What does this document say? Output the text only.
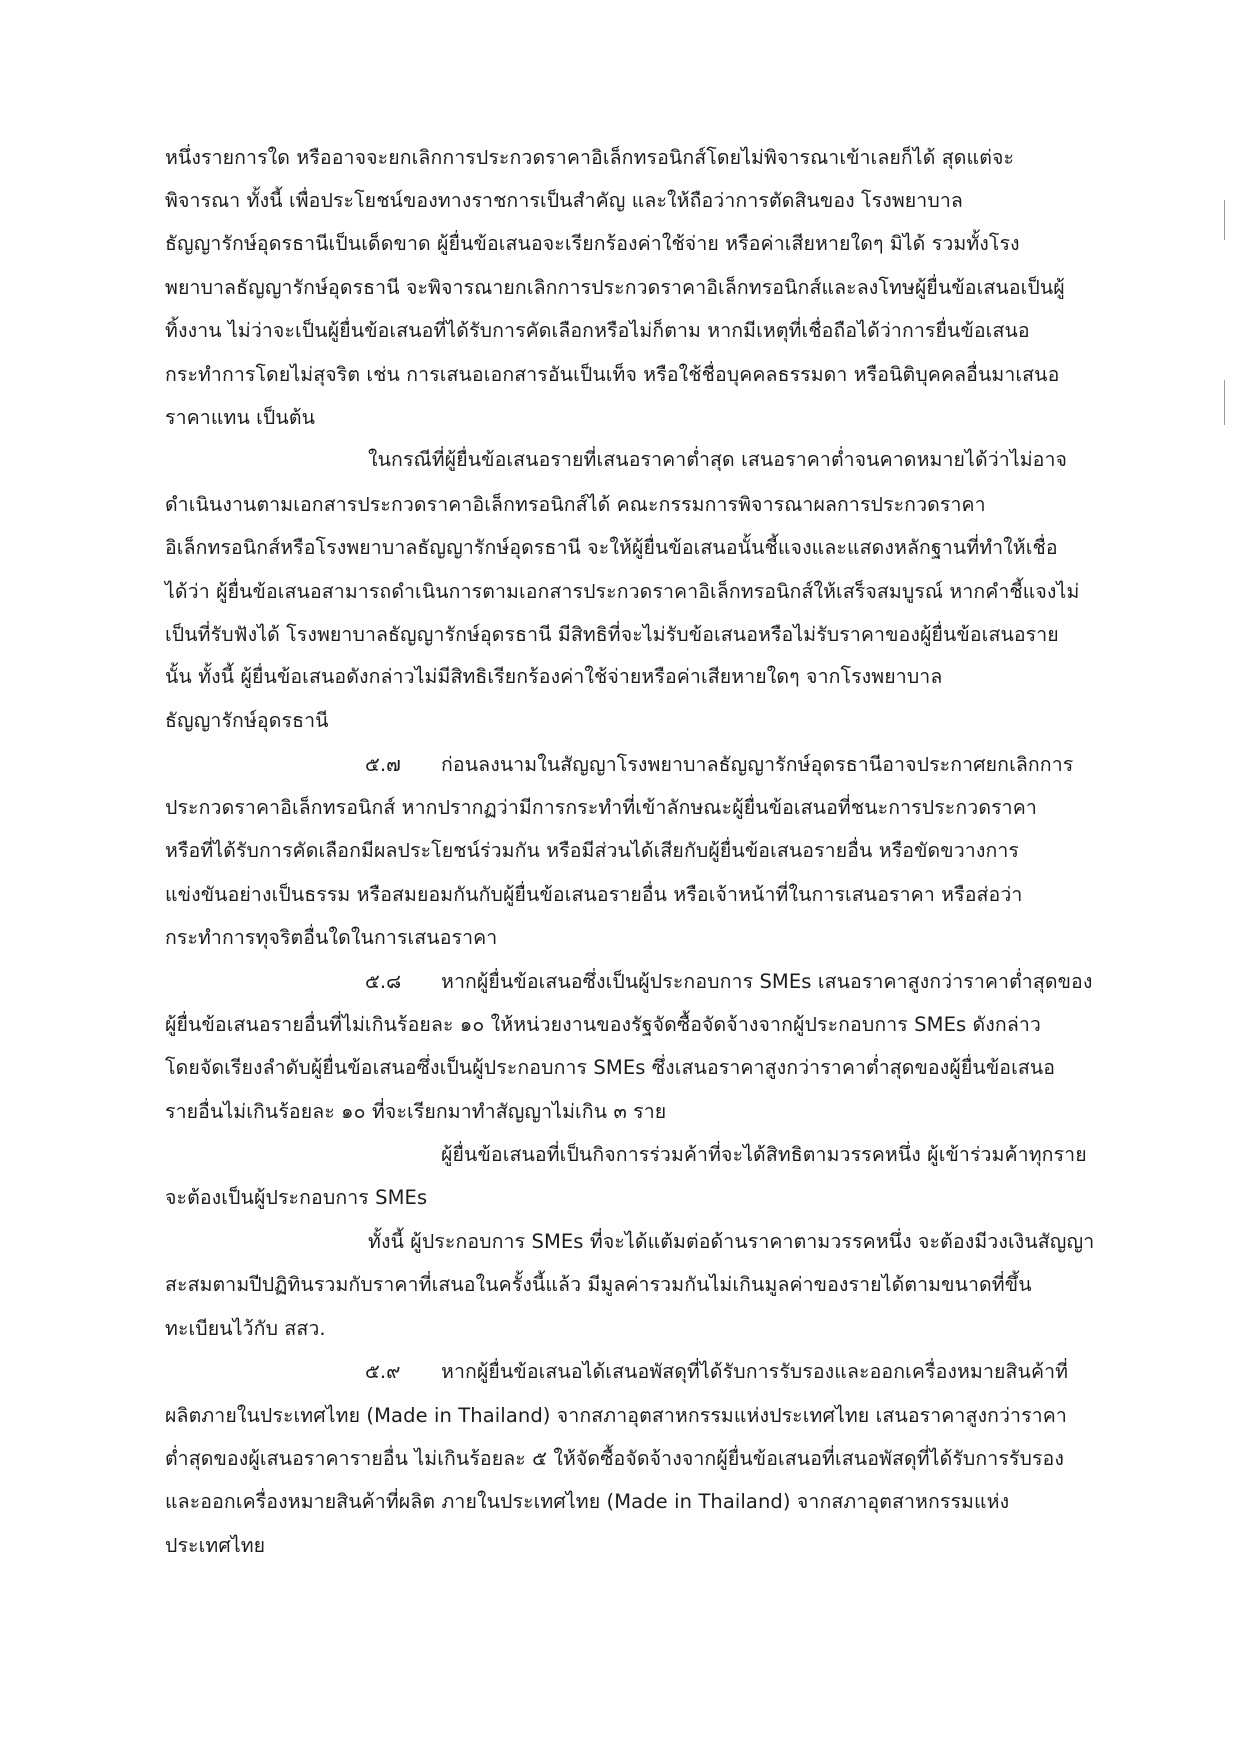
หนึ่งรายการใด หรืออาจจะยกเลิกการประกวดราคาอิเล็กทรอนิกส์โดยไม่พิจารณาเข้าเลยก็ได้ สุดแต่จะ
พิจารณา ทั้งนี้ เพื่อประโยชน์ของทางราชการเป็นสำคัญ และให้ถือว่าการตัดสินของ โรงพยาบาล
ธัญญารักษ์อุดรธานีเป็นเด็ดขาด ผู้ยื่นข้อเสนอจะเรียกร้องค่าใช้จ่าย หรือค่าเสียหายใดๆ มิได้ รวมทั้งโรง
พยาบาลธัญญารักษ์อุดรธานี จะพิจารณายกเลิกการประกวดราคาอิเล็กทรอนิกส์และลงโทษผู้ยื่นข้อเสนอเป็นผู้
ทิ้งงาน ไม่ว่าจะเป็นผู้ยื่นข้อเสนอที่ได้รับการคัดเลือกหรือไม่ก็ตาม หากมีเหตุที่เชื่อถือได้ว่าการยื่นข้อเสนอ
กระทำการโดยไม่สุจริต เช่น การเสนอเอกสารอันเป็นเท็จ หรือใช้ชื่อบุคคลธรรมดา หรือนิติบุคคลอื่นมาเสนอ
ราคาแทน เป็นต้น
ในกรณีที่ผู้ยื่นข้อเสนอรายที่เสนอราคาต่ำสุด เสนอราคาต่ำจนคาดหมายได้ว่าไม่อาจ
ดำเนินงานตามเอกสารประกวดราคาอิเล็กทรอนิกส์ได้ คณะกรรมการพิจารณาผลการประกวดราคา
อิเล็กทรอนิกส์หรือโรงพยาบาลธัญญารักษ์อุดรธานี จะให้ผู้ยื่นข้อเสนอนั้นชี้แจงและแสดงหลักฐานที่ทำให้เชื่อ
ได้ว่า ผู้ยื่นข้อเสนอสามารถดำเนินการตามเอกสารประกวดราคาอิเล็กทรอนิกส์ให้เสร็จสมบูรณ์ หากคำชี้แจงไม่
เป็นที่รับฟังได้ โรงพยาบาลธัญญารักษ์อุดรธานี มีสิทธิที่จะไม่รับข้อเสนอหรือไม่รับราคาของผู้ยื่นข้อเสนอราย
นั้น ทั้งนี้ ผู้ยื่นข้อเสนอดังกล่าวไม่มีสิทธิเรียกร้องค่าใช้จ่ายหรือค่าเสียหายใดๆ จากโรงพยาบาล
ธัญญารักษ์อุดรธานี
๕.๗ ก่อนลงนามในสัญญาโรงพยาบาลธัญญารักษ์อุดรธานีอาจประกาศยกเลิกการ
ประกวดราคาอิเล็กทรอนิกส์ หากปรากฏว่ามีการกระทำที่เข้าลักษณะผู้ยื่นข้อเสนอที่ชนะการประกวดราคา
หรือที่ได้รับการคัดเลือกมีผลประโยชน์ร่วมกัน หรือมีส่วนได้เสียกับผู้ยื่นข้อเสนอรายอื่น หรือขัดขวางการ
แข่งขันอย่างเป็นธรรม หรือสมยอมกันกับผู้ยื่นข้อเสนอรายอื่น หรือเจ้าหน้าที่ในการเสนอราคา หรือส่อว่า
กระทำการทุจริตอื่นใดในการเสนอราคา
๕.๘ หากผู้ยื่นข้อเสนอซึ่งเป็นผู้ประกอบการ SMEs เสนอราคาสูงกว่าราคาต่ำสุดของ
ผู้ยื่นข้อเสนอรายอื่นที่ไม่เกินร้อยละ ๑๐ ให้หน่วยงานของรัฐจัดซื้อจัดจ้างจากผู้ประกอบการ SMEs ดังกล่าว
โดยจัดเรียงลำดับผู้ยื่นข้อเสนอซึ่งเป็นผู้ประกอบการ SMEs ซึ่งเสนอราคาสูงกว่าราคาต่ำสุดของผู้ยื่นข้อเสนอ
รายอื่นไม่เกินร้อยละ ๑๐ ที่จะเรียกมาทำสัญญาไม่เกิน ๓ ราย
ผู้ยื่นข้อเสนอที่เป็นกิจการร่วมค้าที่จะได้สิทธิตามวรรคหนึ่ง ผู้เข้าร่วมค้าทุกราย
จะต้องเป็นผู้ประกอบการ SMEs
ทั้งนี้ ผู้ประกอบการ SMEs ที่จะได้แต้มต่อด้านราคาตามวรรคหนึ่ง จะต้องมีวงเงินสัญญา
สะสมตามปีปฏิทินรวมกับราคาที่เสนอในครั้งนี้แล้ว มีมูลค่ารวมกันไม่เกินมูลค่าของรายได้ตามขนาดที่ขึ้น
ทะเบียนไว้กับ สสว.
๕.๙ หากผู้ยื่นข้อเสนอได้เสนอพัสดุที่ได้รับการรับรองและออกเครื่องหมายสินค้าที่
ผลิตภายในประเทศไทย (Made in Thailand) จากสภาอุตสาหกรรมแห่งประเทศไทย เสนอราคาสูงกว่าราคา
ต่ำสุดของผู้เสนอราคารายอื่น ไม่เกินร้อยละ ๕ ให้จัดซื้อจัดจ้างจากผู้ยื่นข้อเสนอที่เสนอพัสดุที่ได้รับการรับรอง
และออกเครื่องหมายสินค้าที่ผลิต ภายในประเทศไทย (Made in Thailand) จากสภาอุตสาหกรรมแห่ง
ประเทศไทย
